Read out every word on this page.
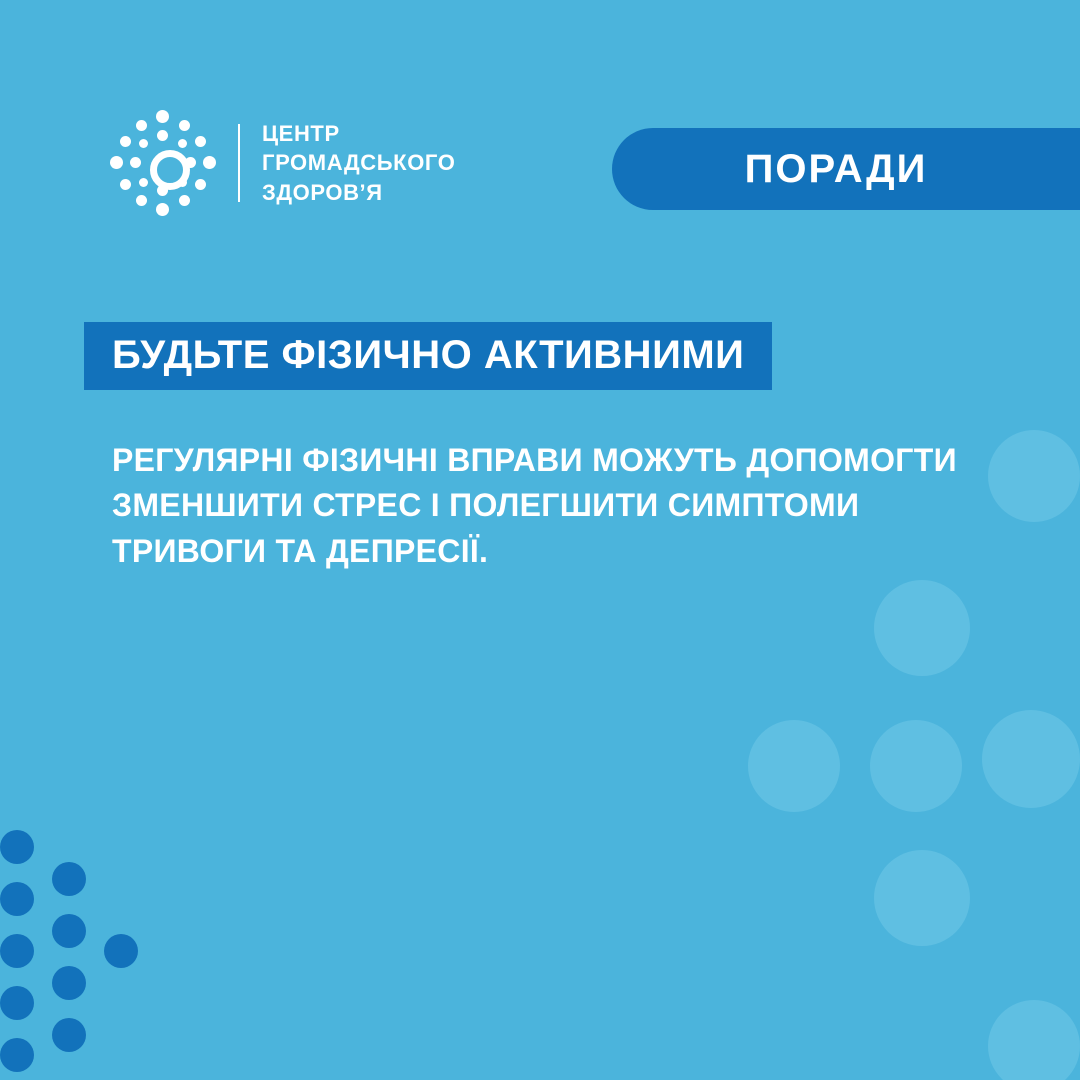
ЦЕНТР
ГРОМАДСЬКОГО
ЗДОРОВ’Я
ПОРАДИ
БУДЬТЕ ФІЗИЧНО АКТИВНИМИ
РЕГУЛЯРНІ ФІЗИЧНІ ВПРАВИ МОЖУТЬ ДОПОМОГТИ ЗМЕНШИТИ СТРЕС І ПОЛЕГШИТИ СИМПТОМИ ТРИВОГИ ТА ДЕПРЕСІЇ.
